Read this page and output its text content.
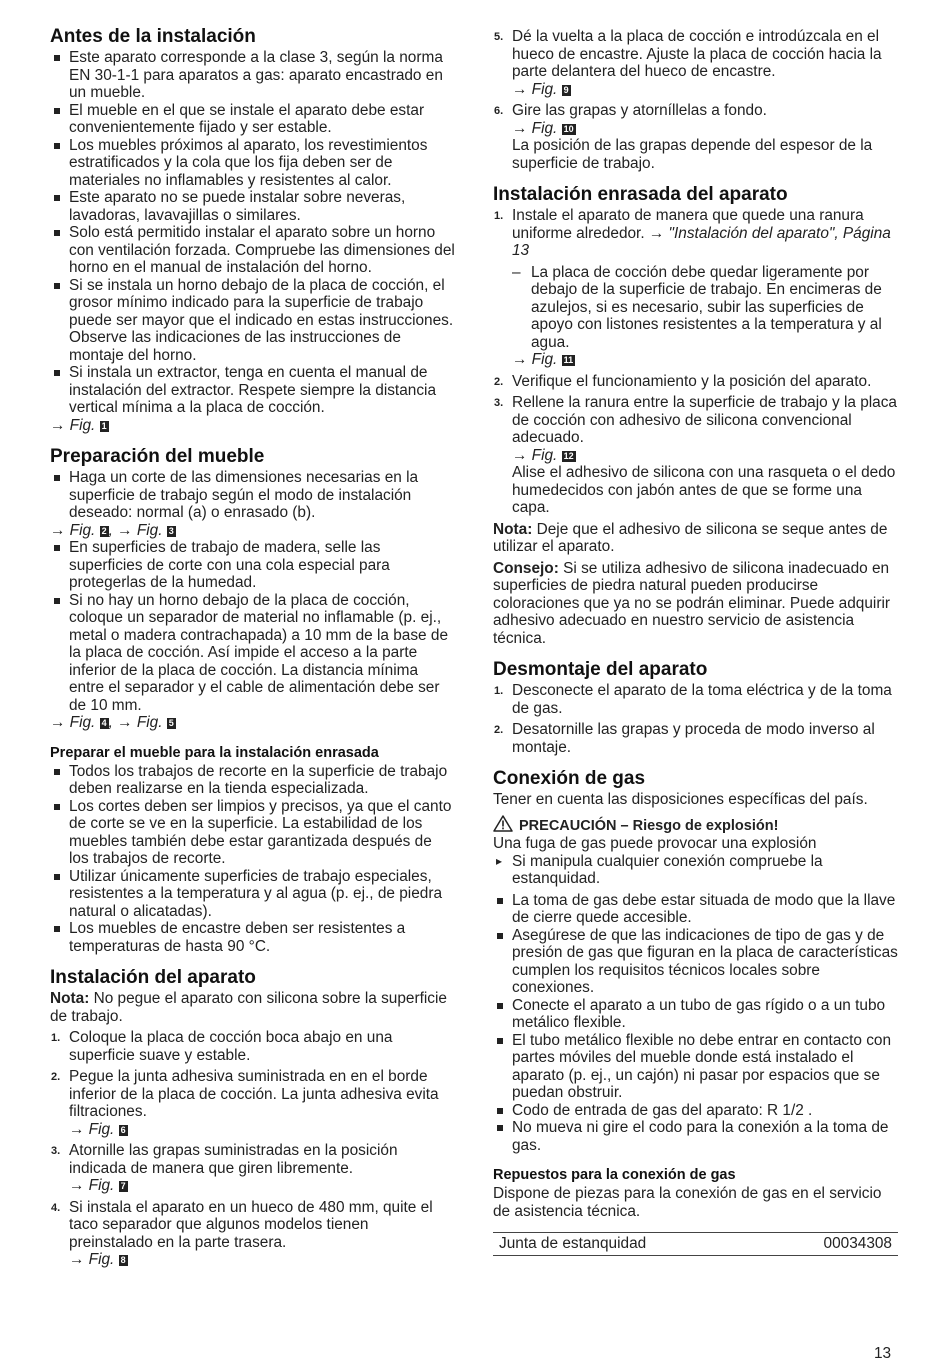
Antes de la instalación
Este aparato corresponde a la clase 3, según la norma EN 30-1-1 para aparatos a gas: aparato encastrado en un mueble.
El mueble en el que se instale el aparato debe estar convenientemente fijado y ser estable.
Los muebles próximos al aparato, los revestimientos estratificados y la cola que los fija deben ser de materiales no inflamables y resistentes al calor.
Este aparato no se puede instalar sobre neveras, lavadoras, lavavajillas o similares.
Solo está permitido instalar el aparato sobre un horno con ventilación forzada. Compruebe las dimensiones del horno en el manual de instalación del horno.
Si se instala un horno debajo de la placa de cocción, el grosor mínimo indicado para la superficie de trabajo puede ser mayor que el indicado en estas instrucciones. Observe las indicaciones de las instrucciones de montaje del horno.
Si instala un extractor, tenga en cuenta el manual de instalación del extractor. Respete siempre la distancia vertical mínima a la placa de cocción.
→ Fig. 1
Preparación del mueble
Haga un corte de las dimensiones necesarias en la superficie de trabajo según el modo de instalación deseado: normal (a) o enrasado (b).
→ Fig. 2 , → Fig. 3
En superficies de trabajo de madera, selle las superficies de corte con una cola especial para protegerlas de la humedad.
Si no hay un horno debajo de la placa de cocción, coloque un separador de material no inflamable (p. ej., metal o madera contrachapada) a 10 mm de la base de la placa de cocción. Así impide el acceso a la parte inferior de la placa de cocción. La distancia mínima entre el separador y el cable de alimentación debe ser de 10 mm.
→ Fig. 4 , → Fig. 5
Preparar el mueble para la instalación enrasada
Todos los trabajos de recorte en la superficie de trabajo deben realizarse en la tienda especializada.
Los cortes deben ser limpios y precisos, ya que el canto de corte se ve en la superficie. La estabilidad de los muebles también debe estar garantizada después de los trabajos de recorte.
Utilizar únicamente superficies de trabajo especiales, resistentes a la temperatura y al agua (p. ej., de piedra natural o alicatadas).
Los muebles de encastre deben ser resistentes a temperaturas de hasta 90 °C.
Instalación del aparato
Nota: No pegue el aparato con silicona sobre la superficie de trabajo.
1. Coloque la placa de cocción boca abajo en una superficie suave y estable.
2. Pegue la junta adhesiva suministrada en en el borde inferior de la placa de cocción. La junta adhesiva evita filtraciones.
→ Fig. 6
3. Atornille las grapas suministradas en la posición indicada de manera que giren libremente.
→ Fig. 7
4. Si instala el aparato en un hueco de 480 mm, quite el taco separador que algunos modelos tienen preinstalado en la parte trasera.
→ Fig. 8
5. Dé la vuelta a la placa de cocción e introdúzcala en el hueco de encastre. Ajuste la placa de cocción hacia la parte delantera del hueco de encastre.
→ Fig. 9
6. Gire las grapas y atorníllelas a fondo.
→ Fig. 10
La posición de las grapas depende del espesor de la superficie de trabajo.
Instalación enrasada del aparato
1. Instale el aparato de manera que quede una ranura uniforme alrededor. → "Instalación del aparato", Página 13
– La placa de cocción debe quedar ligeramente por debajo de la superficie de trabajo. En encimeras de azulejos, si es necesario, subir las superficies de apoyo con listones resistentes a la temperatura y al agua.
→ Fig. 11
2. Verifique el funcionamiento y la posición del aparato.
3. Rellene la ranura entre la superficie de trabajo y la placa de cocción con adhesivo de silicona convencional adecuado.
→ Fig. 12
Alise el adhesivo de silicona con una rasqueta o el dedo humedecidos con jabón antes de que se forme una capa.
Nota: Deje que el adhesivo de silicona se seque antes de utilizar el aparato.
Consejo: Si se utiliza adhesivo de silicona inadecuado en superficies de piedra natural pueden producirse coloraciones que ya no se podrán eliminar. Puede adquirir adhesivo adecuado en nuestro servicio de asistencia técnica.
Desmontaje del aparato
1. Desconecte el aparato de la toma eléctrica y de la toma de gas.
2. Desatornille las grapas y proceda de modo inverso al montaje.
Conexión de gas
Tener en cuenta las disposiciones específicas del país.
PRECAUCIÓN – Riesgo de explosión!
Una fuga de gas puede provocar una explosión
▸ Si manipula cualquier conexión compruebe la estanquidad.
La toma de gas debe estar situada de modo que la llave de cierre quede accesible.
Asegúrese de que las indicaciones de tipo de gas y de presión de gas que figuran en la placa de características cumplen los requisitos técnicos locales sobre conexiones.
Conecte el aparato a un tubo de gas rígido o a un tubo metálico flexible.
El tubo metálico flexible no debe entrar en contacto con partes móviles del mueble donde está instalado el aparato (p. ej., un cajón) ni pasar por espacios que se puedan obstruir.
Codo de entrada de gas del aparato: R 1/2 .
No mueva ni gire el codo para la conexión a la toma de gas.
Repuestos para la conexión de gas
Dispone de piezas para la conexión de gas en el servicio de asistencia técnica.
Junta de estanquidad	00034308
13
